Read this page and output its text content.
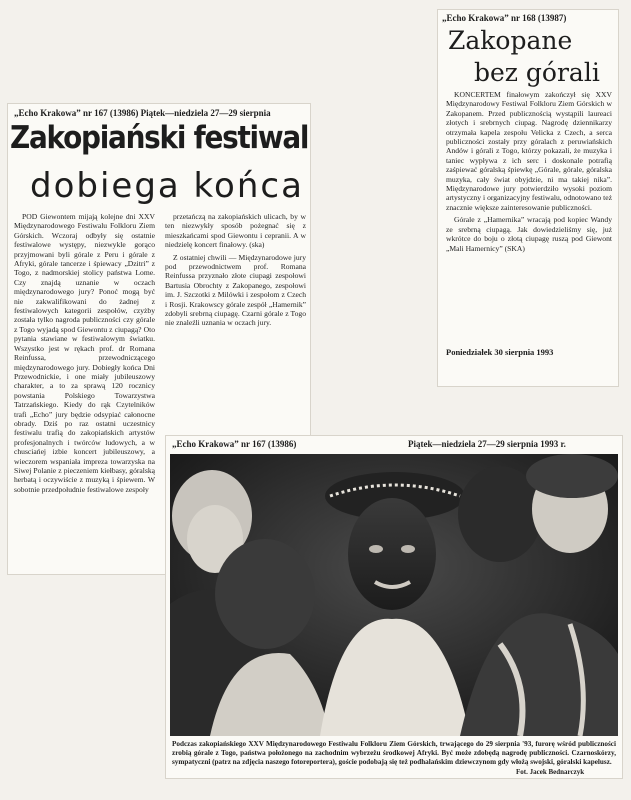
„Echo Krakowa” nr 167 (13986) Piątek—niedziela 27—29 sierpnia
Zakopiański festiwal
dobiega końca

POD Giewontem mijają kolejne dni XXV Międzynarodowego Festiwalu Folkloru Ziem Górskich. Wczoraj odbyły się ostatnie festiwalowe występy, niezwykle gorąco przyjmowani byli górale z Peru i górale z Afryki, górale tancerze i śpiewacy „Dzitri” z Togo, z nadmorskiej stolicy państwa Lome. Czy znajdą uznanie w oczach międzynarodowego jury? Ponoć mogą być nie zakwalifikowani do żadnej z festiwalowych kategorii zespołów, czyżby została tylko nagroda publiczności czy górale z Togo wyjadą spod Giewontu z ciupagą? Oto pytania stawiane w festiwalowym światku. Wszystko jest w rękach prof. dr Romana Reinfussa, przewodniczącego międzynarodowego jury. Dobiegły końca Dni Przewodnickie, i one miały jubileuszowy charakter, a to za sprawą 120 rocznicy powstania Polskiego Towarzystwa Tatrzańskiego. Kiedy do rąk Czytelników trafi „Echo” jury będzie odsypiać całonocne obrady. Dziś po raz ostatni uczestnicy festiwalu trafią do zakopiańskich artystów profesjonalnych i twórców ludowych, a w chusciańej izbie koncert jubileuszowy, a wieczorem wspaniała impreza towarzyska na Siwej Polanie z pieczeniem kiełbasy, góralską herbatą i oczywiście z muzyką i śpiewem. W sobotnie przedpołudnie festiwalowe zespoły

przetańczą na zakopiańskich ulicach, by w ten niezwykły sposób pożegnać się z mieszkańcami spod Giewontu i cepranii. A w niedzielę koncert finałowy. (ska)

Z ostatniej chwili — Międzynarodowe jury pod przewodnictwem prof. Romana Reinfussa przyznało złote ciupagi zespołowi Bartusia Obrochty z Zakopanego, zespołowi im. J. Szczotki z Milówki i zespołom z Czech i Rosji. Krakowscy górale zespół „Hamernik” zdobyli srebrną ciupagę. Czarni górale z Togo nie znaleźli uznania w oczach jury.

„Echo Krakowa” nr 168 (13987)
Zakopane
bez górali

KONCERTEM finałowym zakończył się XXV Międzynarodowy Festiwal Folkloru Ziem Górskich w Zakopanem. Przed publicznością wystąpili laureaci złotych i srebrnych ciupag. Nagrodę dziennikarzy otrzymała kapela zespołu Velicka z Czech, a serca publiczności zostały przy góralach z peruwiańskich Andów i górali z Togo, którzy pokazali, że muzyka i taniec wypływa z ich serc i doskonale potrafią zaśpiewać góralską śpiewkę „Górale, górale, góralska muzyka, cały świat obyjdzie, ni ma takiej nika”. Międzynarodowe jury potwierdziło wysoki poziom artystyczny i organizacyjny festiwalu, odnotowano też znacznie większe zainteresowanie publiczności.

Górale z „Hamernika” wracają pod kopiec Wandy ze srebrną ciupagą. Jak dowiedzieliśmy się, już wkrótce do boju o złotą ciupagę ruszą pod Giewont „Mali Hamernicy” (SKA)

Poniedziałek 30 sierpnia 1993
„Echo Krakowa” nr 167 (13986)	Piątek—niedziela 27—29 sierpnia 1993 r.
Podczas zakopiańskiego XXV Międzynarodowego Festiwalu Folkloru Ziem Górskich, trwającego do 29 sierpnia '93, furorę wśród publiczności zrobią górale z Togo, państwa położonego na zachodnim wybrzeżu środkowej Afryki. Być może zdobędą nagrodę publiczności. Czarnoskórzy, sympatyczni (patrz na zdjęcia naszego fotoreportera), goście podobają się też podhalańskim dziewczynom gdy włożą swojski, góralski kapelusz.
Fot. Jacek Bednarczyk
